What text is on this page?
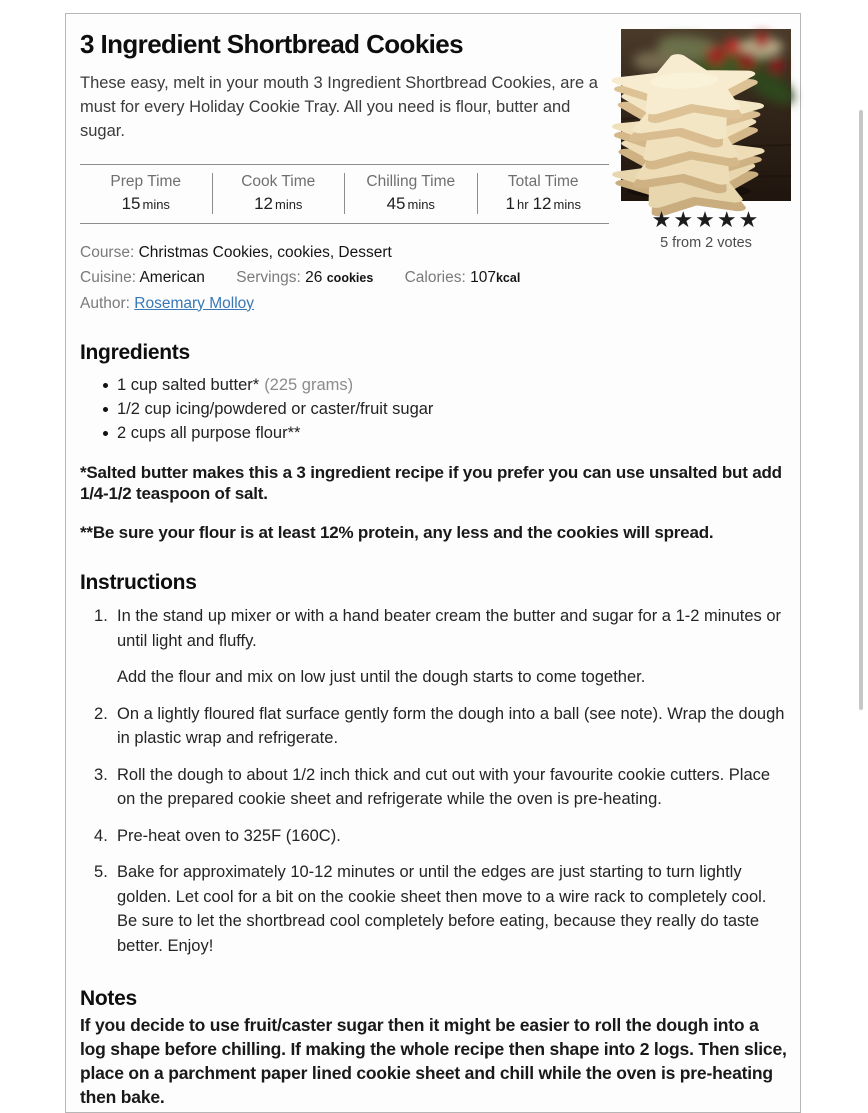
3 Ingredient Shortbread Cookies

These easy, melt in your mouth 3 Ingredient Shortbread Cookies, are a must for every Holiday Cookie Tray. All you need is flour, butter and sugar.

Prep Time
15 mins
Cook Time
12 mins
Chilling Time
45 mins
Total Time
1 hr 12 mins
Course: Christmas Cookies, cookies, Dessert
Cuisine: American Servings: 26 cookies Calories: 107kcal
Author: Rosemary Molloy
★★★★★
5 from 2 votes
Ingredients
1 cup salted butter* (225 grams)
1/2 cup icing/powdered or caster/fruit sugar
2 cups all purpose flour**

*Salted butter makes this a 3 ingredient recipe if you prefer you can use unsalted but add 1/4-1/2 teaspoon of salt.

**Be sure your flour is at least 12% protein, any less and the cookies will spread.

Instructions

In the stand up mixer or with a hand beater cream the butter and sugar for a 1-2 minutes or until light and fluffy.

Add the flour and mix on low just until the dough starts to come together.

On a lightly floured flat surface gently form the dough into a ball (see note). Wrap the dough in plastic wrap and refrigerate.

Roll the dough to about 1/2 inch thick and cut out with your favourite cookie cutters. Place on the prepared cookie sheet and refrigerate while the oven is pre-heating.

Pre-heat oven to 325F (160C).

Bake for approximately 10-12 minutes or until the edges are just starting to turn lightly golden. Let cool for a bit on the cookie sheet then move to a wire rack to completely cool. Be sure to let the shortbread cool completely before eating, because they really do taste better. Enjoy!

Notes

If you decide to use fruit/caster sugar then it might be easier to roll the dough into a log shape before chilling. If making the whole recipe then shape into 2 logs. Then slice, place on a parchment paper lined cookie sheet and chill while the oven is pre-heating then bake.
